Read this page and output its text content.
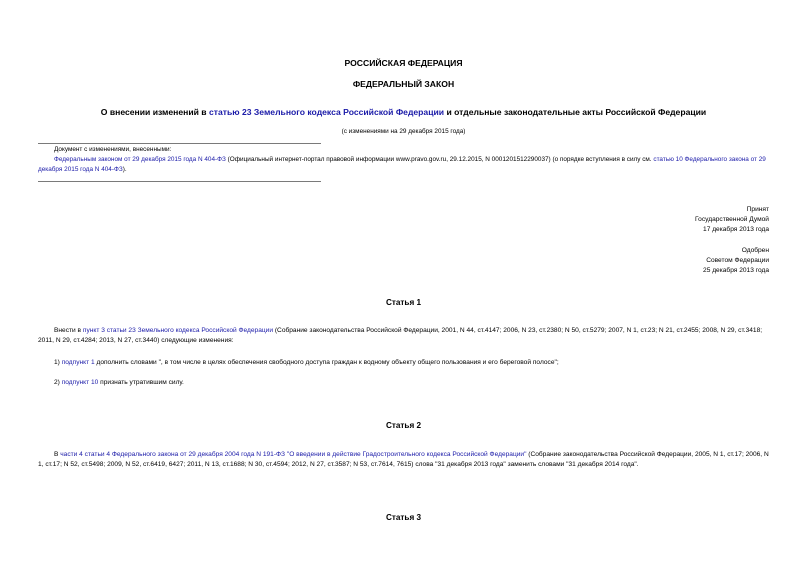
РОССИЙСКАЯ ФЕДЕРАЦИЯ
ФЕДЕРАЛЬНЫЙ ЗАКОН
О внесении изменений в статью 23 Земельного кодекса Российской Федерации и отдельные законодательные акты Российской Федерации
(с изменениями на 29 декабря 2015 года)
Документ с изменениями, внесенными:
Федеральным законом от 29 декабря 2015 года N 404-ФЗ (Официальный интернет-портал правовой информации www.pravo.gov.ru, 29.12.2015, N 0001201512290037) (о порядке вступления в силу см. статью 10 Федерального закона от 29 декабря 2015 года N 404-ФЗ).
Принят
Государственной Думой
17 декабря 2013 года
Одобрен
Советом Федерации
25 декабря 2013 года
Статья 1
Внести в пункт 3 статьи 23 Земельного кодекса Российской Федерации (Собрание законодательства Российской Федерации, 2001, N 44, ст.4147; 2006, N 23, ст.2380; N 50, ст.5279; 2007, N 1, ст.23; N 21, ст.2455; 2008, N 29, ст.3418; 2011, N 29, ст.4284; 2013, N 27, ст.3440) следующие изменения:
1) подпункт 1 дополнить словами ", в том числе в целях обеспечения свободного доступа граждан к водному объекту общего пользования и его береговой полосе";
2) подпункт 10 признать утратившим силу.
Статья 2
В части 4 статьи 4 Федерального закона от 29 декабря 2004 года N 191-ФЗ "О введении в действие Градостроительного кодекса Российской Федерации" (Собрание законодательства Российской Федерации, 2005, N 1, ст.17; 2006, N 1, ст.17; N 52, ст.5498; 2009, N 52, ст.6419, 6427; 2011, N 13, ст.1688; N 30, ст.4594; 2012, N 27, ст.3587; N 53, ст.7614, 7615) слова "31 декабря 2013 года" заменить словами "31 декабря 2014 года".
Статья 3
